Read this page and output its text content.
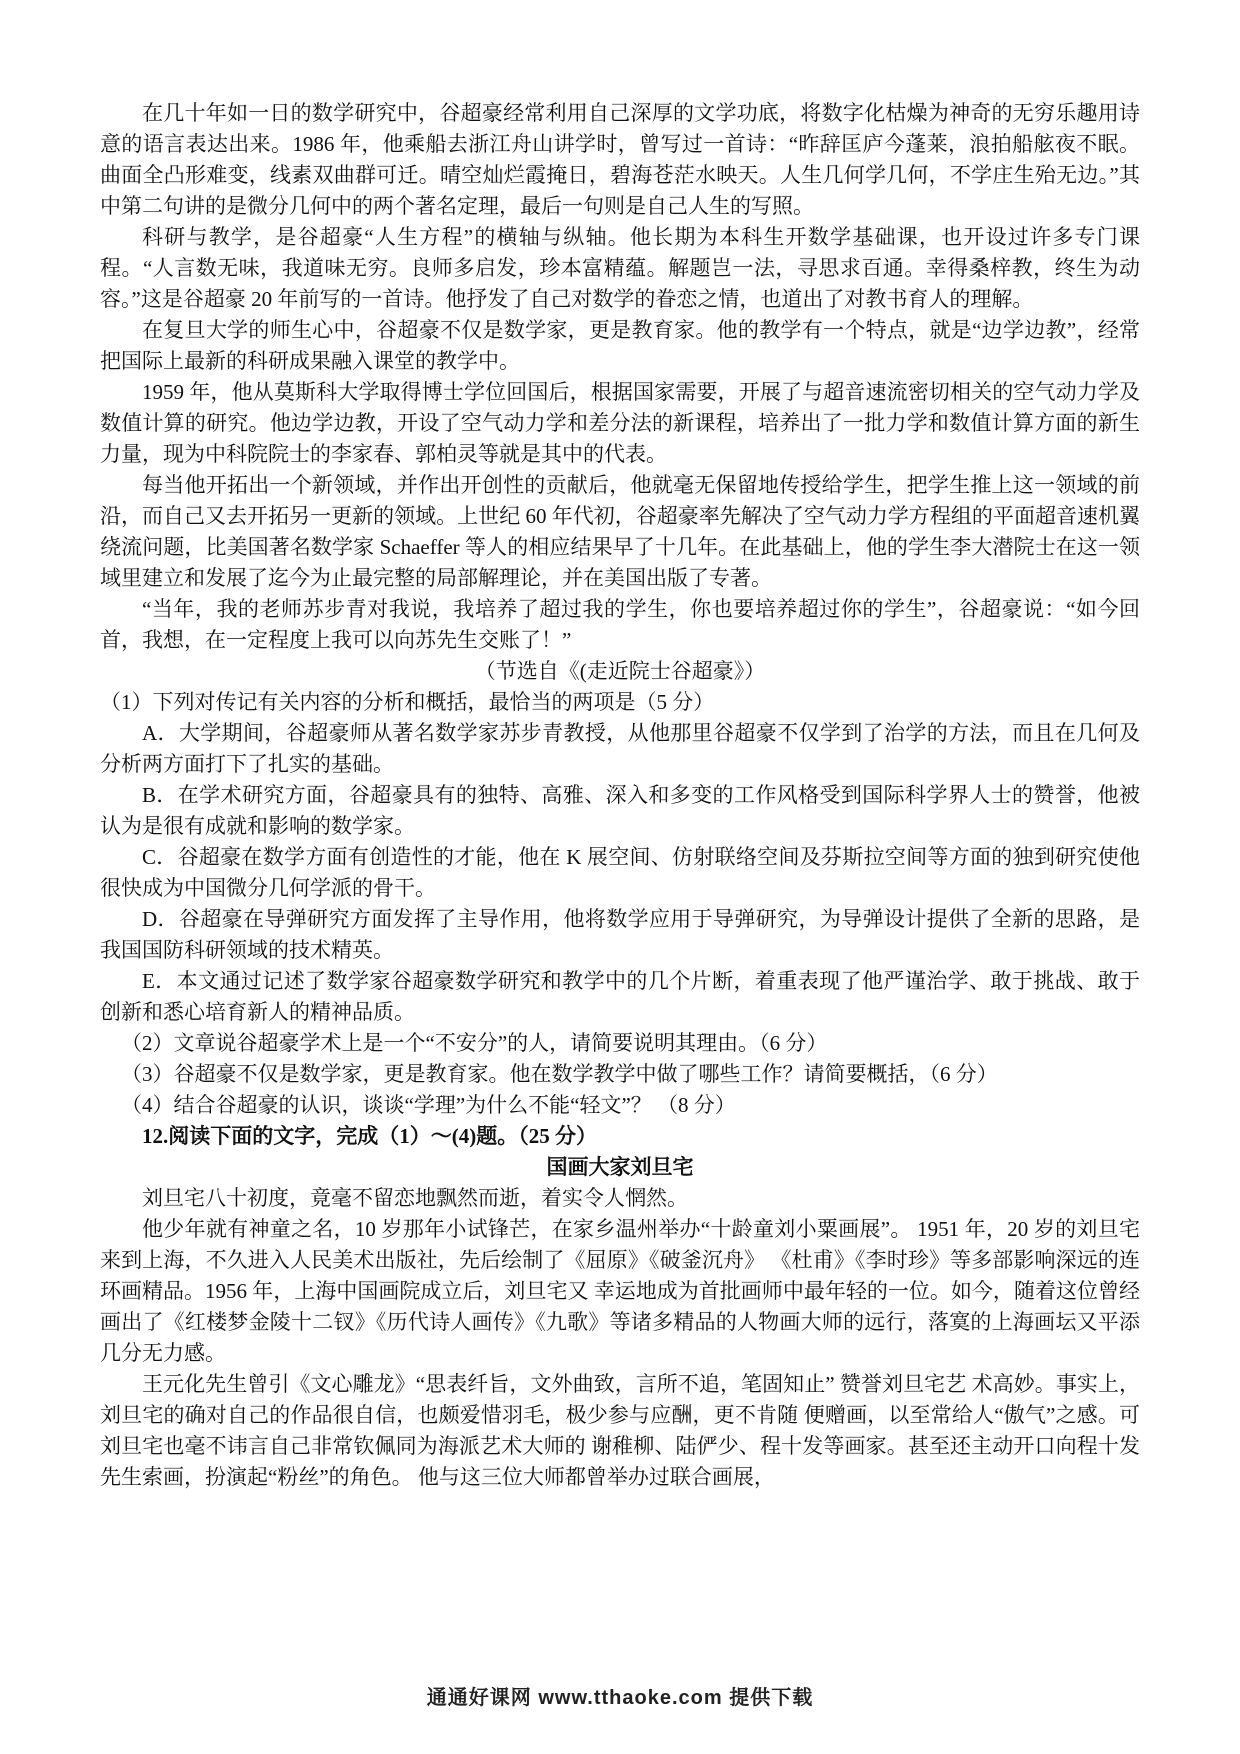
在几十年如一日的数学研究中，谷超豪经常利用自己深厚的文学功底，将数字化枯燥为神奇的无穷乐趣用诗意的语言表达出来。1986 年，他乘船去浙江舟山讲学时，曾写过一首诗：“昨辞匡庐今蓬莱，浪拍船舷夜不眠。曲面全凸形难变，线素双曲群可迁。晴空灿烂霞掩日，碧海苍茫水映天。人生几何学几何，不学庄生殆无边。”其中第二句讲的是微分几何中的两个著名定理，最后一句则是自己人生的写照。

科研与教学，是谷超豪“人生方程”的横轴与纵轴。他长期为本科生开数学基础课，也开设过许多专门课程。“人言数无味，我道味无穷。良师多启发，珍本富精蕴。解题岂一法，寻思求百通。幸得桑梓教，终生为动容。”这是谷超豪 20 年前写的一首诗。他抒发了自己对数学的眷恋之情，也道出了对教书育人的理解。

在复旦大学的师生心中，谷超豪不仅是数学家，更是教育家。他的教学有一个特点，就是“边学边教”，经常把国际上最新的科研成果融入课堂的教学中。

1959 年，他从莫斯科大学取得博士学位回国后，根据国家需要，开展了与超音速流密切相关的空气动力学及数值计算的研究。他边学边教，开设了空气动力学和差分法的新课程，培养出了一批力学和数值计算方面的新生力量，现为中科院院士的李家春、郭柏灵等就是其中的代表。

每当他开拓出一个新领域，并作出开创性的贡献后，他就毫无保留地传授给学生，把学生推上这一领域的前沿，而自己又去开拓另一更新的领域。上世纪 60 年代初，谷超豪率先解决了空气动力学方程组的平面超音速机翼绕流问题，比美国著名数学家 Schaeffer 等人的相应结果早了十几年。在此基础上，他的学生李大潜院士在这一领域里建立和发展了迄今为止最完整的局部解理论，并在美国出版了专著。

“当年，我的老师苏步青对我说，我培养了超过我的学生，你也要培养超过你的学生”，谷超豪说：“如今回首，我想，在一定程度上我可以向苏先生交账了！”

（节选自《(走近院士谷超豪》）

（1）下列对传记有关内容的分析和概括，最恰当的两项是（5 分）

A．大学期间，谷超豪师从著名数学家苏步青教授，从他那里谷超豪不仅学到了治学的方法，而且在几何及分析两方面打下了扎实的基础。

B．在学术研究方面，谷超豪具有的独特、高雅、深入和多变的工作风格受到国际科学界人士的赞誉，他被认为是很有成就和影响的数学家。

C．谷超豪在数学方面有创造性的才能，他在 K 展空间、仿射联络空间及芬斯拉空间等方面的独到研究使他很快成为中国微分几何学派的骨干。

D．谷超豪在导弹研究方面发挥了主导作用，他将数学应用于导弹研究，为导弹设计提供了全新的思路，是我国国防科研领域的技术精英。

E．本文通过记述了数学家谷超豪数学研究和教学中的几个片断，着重表现了他严谨治学、敢于挑战、敢于创新和悉心培育新人的精神品质。

（2）文章说谷超豪学术上是一个“不安分”的人，请简要说明其理由。（6 分）

（3）谷超豪不仅是数学家，更是教育家。他在数学教学中做了哪些工作？请简要概括，（6 分）

（4）结合谷超豪的认识，谈谈“学理”为什么不能“轻文”？ （8 分）

12.阅读下面的文字，完成（1）～(4)题。（25 分）

国画大家刘旦宅

刘旦宅八十初度，竟毫不留恋地飘然而逝，着实令人惘然。

他少年就有神童之名，10 岁那年小试锋芒，在家乡温州举办“十龄童刘小粟画展”。 1951 年，20 岁的刘旦宅来到上海，不久进入人民美术出版社，先后绘制了《屈原》《破釜沉舟》 《杜甫》《李时珍》等多部影响深远的连环画精品。1956 年，上海中国画院成立后，刘旦宅又 幸运地成为首批画师中最年轻的一位。如今，随着这位曾经画出了《红楼梦金陵十二钗》《历代诗人画传》《九歌》等诸多精品的人物画大师的远行，落寞的上海画坛又平添几分无力感。

王元化先生曾引《文心雕龙》“思表纤旨，文外曲致，言所不追，笔固知止” 赞誉刘旦宅艺 术高妙。事实上，刘旦宅的确对自己的作品很自信，也颇爱惜羽毛，极少参与应酬，更不肯随 便赠画，以至常给人“傲气”之感。可刘旦宅也毫不讳言自己非常钦佩同为海派艺术大师的 谢稚柳、陆俨少、程十发等画家。甚至还主动开口向程十发先生索画，扮演起“粉丝”的角色。 他与这三位大师都曾举办过联合画展，

通通好课网 www.tthaoke.com 提供下载
